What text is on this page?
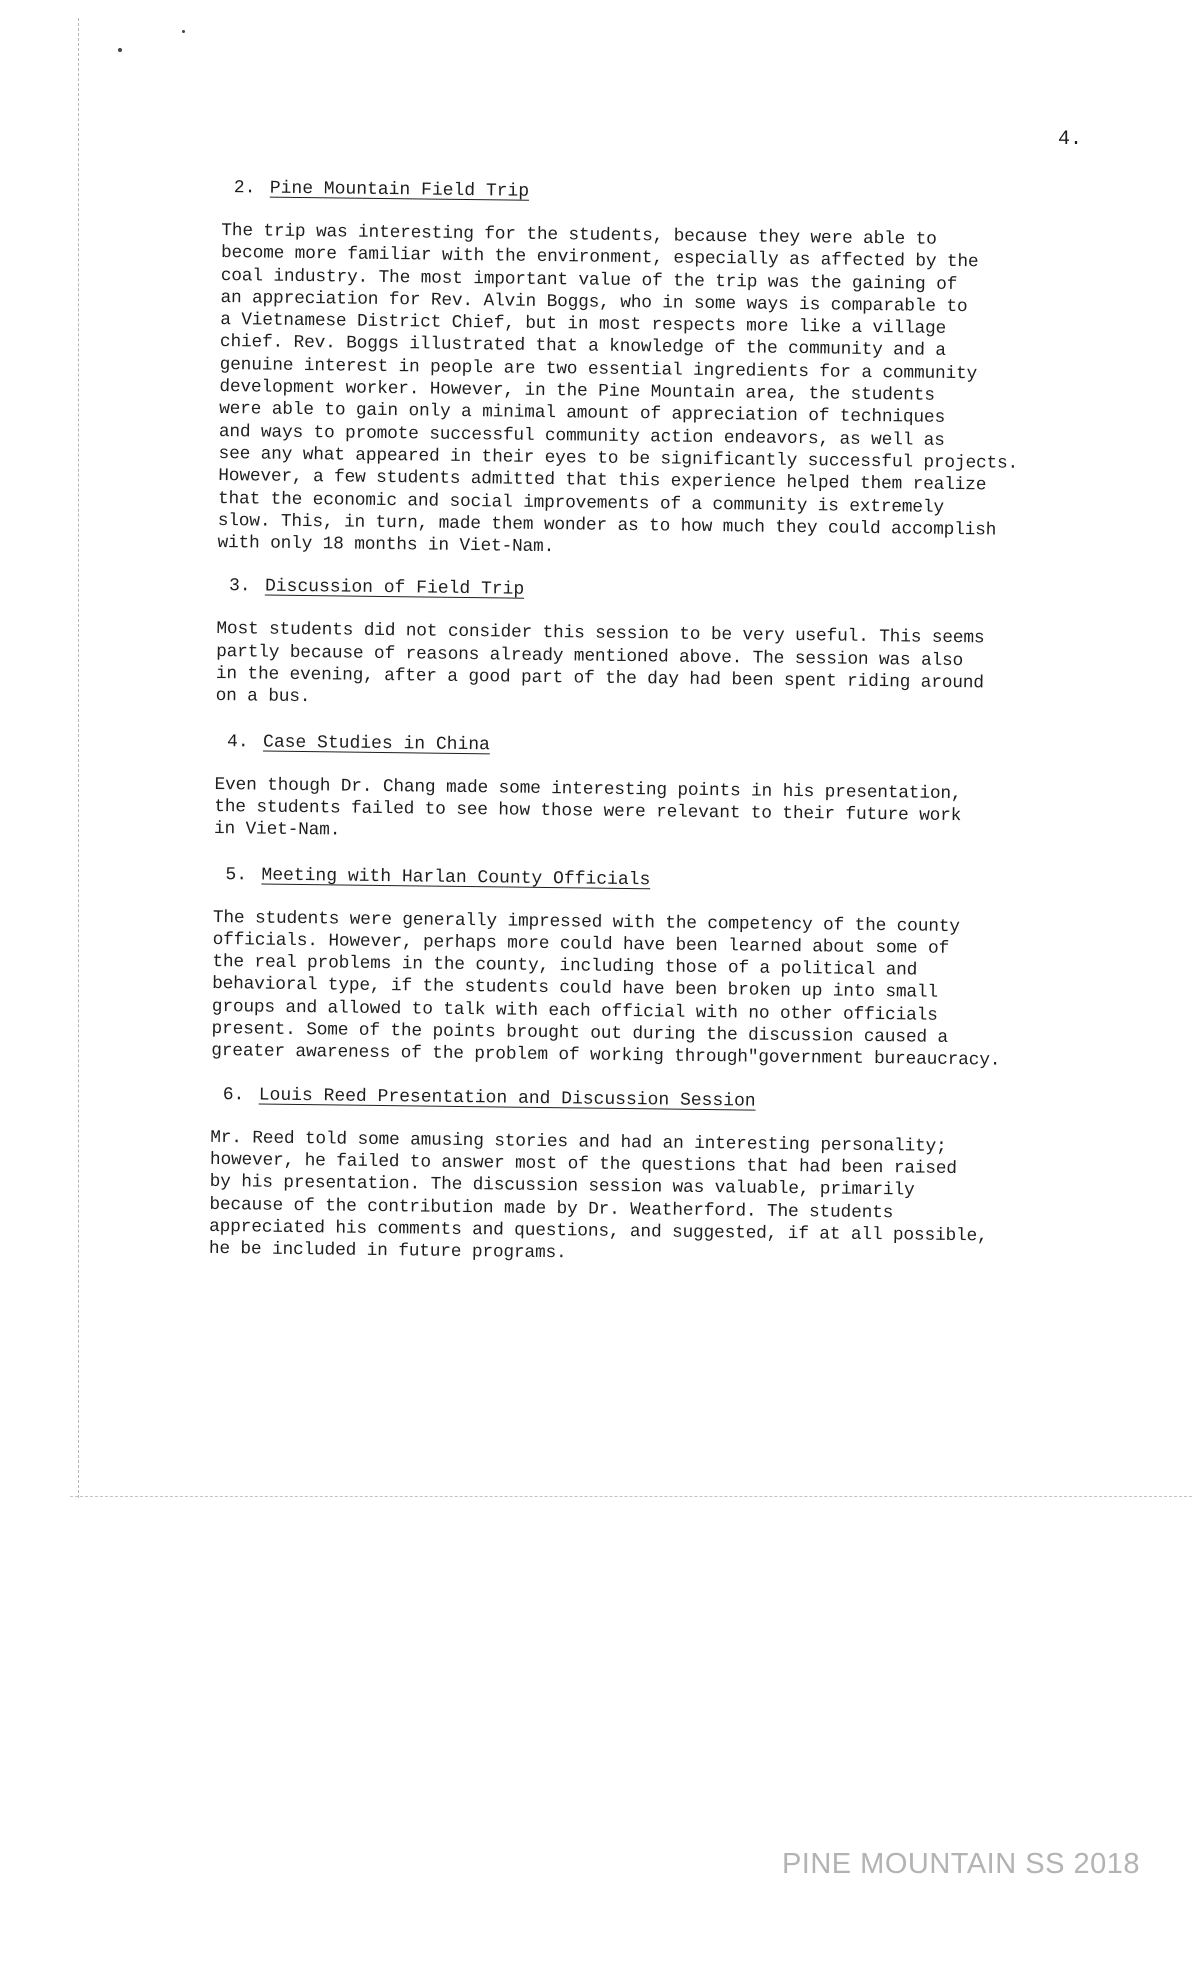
4.
2. Pine Mountain Field Trip

The trip was interesting for the students, because they were able to
become more familiar with the environment, especially as affected by the
coal industry. The most important value of the trip was the gaining of
an appreciation for Rev. Alvin Boggs, who in some ways is comparable to
a Vietnamese District Chief, but in most respects more like a village
chief. Rev. Boggs illustrated that a knowledge of the community and a
genuine interest in people are two essential ingredients for a community
development worker. However, in the Pine Mountain area, the students
were able to gain only a minimal amount of appreciation of techniques
and ways to promote successful community action endeavors, as well as
see any what appeared in their eyes to be significantly successful projects.
However, a few students admitted that this experience helped them realize
that the economic and social improvements of a community is extremely
slow. This, in turn, made them wonder as to how much they could accomplish
with only 18 months in Viet-Nam.

3. Discussion of Field Trip

Most students did not consider this session to be very useful. This seems
partly because of reasons already mentioned above. The session was also
in the evening, after a good part of the day had been spent riding around
on a bus.

4. Case Studies in China

Even though Dr. Chang made some interesting points in his presentation,
the students failed to see how those were relevant to their future work
in Viet-Nam.

5. Meeting with Harlan County Officials

The students were generally impressed with the competency of the county
officials. However, perhaps more could have been learned about some of
the real problems in the county, including those of a political and
behavioral type, if the students could have been broken up into small
groups and allowed to talk with each official with no other officials
present. Some of the points brought out during the discussion caused a
greater awareness of the problem of working through"government bureaucracy.

6. Louis Reed Presentation and Discussion Session

Mr. Reed told some amusing stories and had an interesting personality;
however, he failed to answer most of the questions that had been raised
by his presentation. The discussion session was valuable, primarily
because of the contribution made by Dr. Weatherford. The students
appreciated his comments and questions, and suggested, if at all possible,
he be included in future programs.

PINE MOUNTAIN SS 2018
